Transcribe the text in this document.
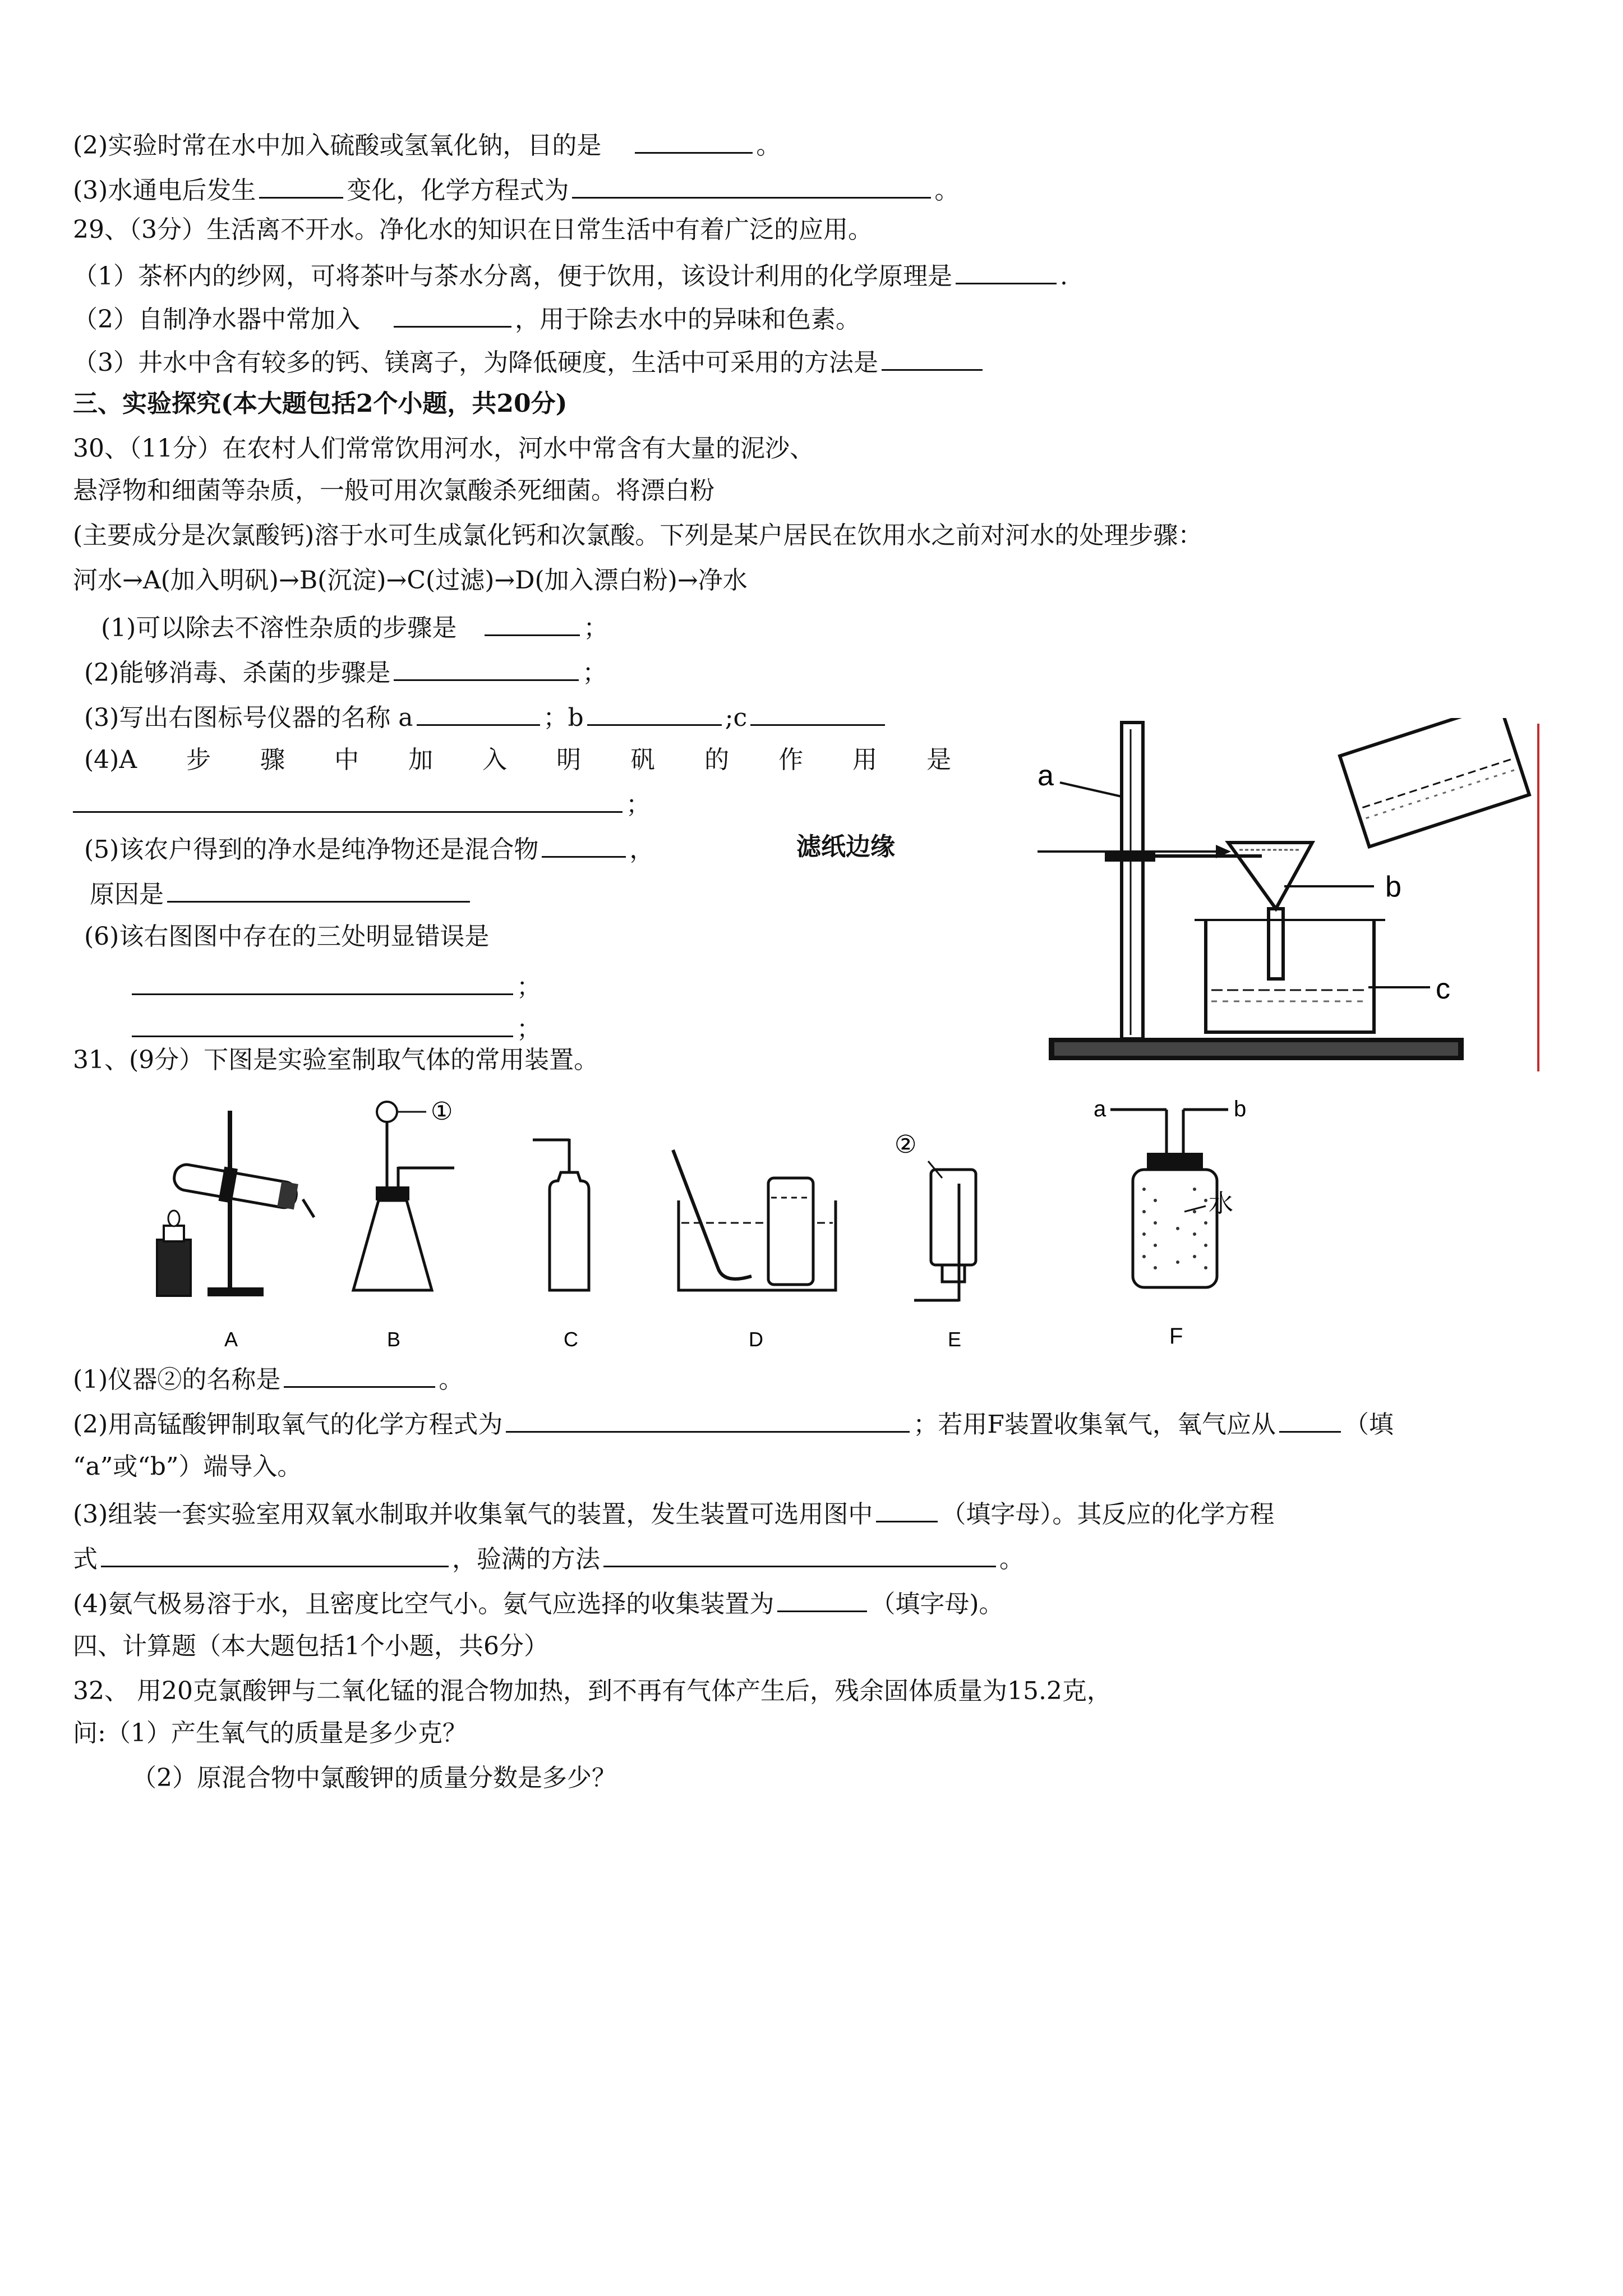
(2)实验时常在水中加入硫酸或氢氧化钠，目的是	。
(3)水通电后发生	变化，化学方程式为	。
29、（3分）生活离不开水。净化水的知识在日常生活中有着广泛的应用。
（1）茶杯内的纱网，可将茶叶与茶水分离，便于饮用，该设计利用的化学原理是	.
（2）自制净水器中常加入	，用于除去水中的异味和色素。
（3）井水中含有较多的钙、镁离子，为降低硬度，生活中可采用的方法是
三、实验探究(本大题包括2个小题，共20分)
30、（11分）在农村人们常常饮用河水，河水中常含有大量的泥沙、
悬浮物和细菌等杂质，一般可用次氯酸杀死细菌。将漂白粉
(主要成分是次氯酸钙)溶于水可生成氯化钙和次氯酸。下列是某户居民在饮用水之前对河水的处理步骤：
河水→A(加入明矾)→B(沉淀)→C(过滤)→D(加入漂白粉)→净水
(1)可以除去不溶性杂质的步骤是	；
(2)能够消毒、杀菌的步骤是	；
(3)写出右图标号仪器的名称 a	；b	;c
(4)A　　步　　骤　　中　　加　　入　　明　　矾　　的　　作　　用　　是
；
(5)该农户得到的净水是纯净物还是混合物	，	滤纸边缘
原因是
(6)该右图图中存在的三处明显错误是
；
；
b
c
a
31、(9分）下图是实验室制取气体的常用装置。
①
②
a	b
水
A	B	C	D	E	F
(1)仪器②的名称是	。
(2)用高锰酸钾制取氧气的化学方程式为	；若用F装置收集氧气，氧气应从	（填
“a”或“b”）端导入。
(3)组装一套实验室用双氧水制取并收集氧气的装置，发生装置可选用图中	（填字母）。其反应的化学方程
式	，验满的方法	。
(4)氨气极易溶于水，且密度比空气小。氨气应选择的收集装置为	（填字母)。
四、计算题（本大题包括1个小题，共6分）
32、 用20克氯酸钾与二氧化锰的混合物加热，到不再有气体产生后，残余固体质量为15.2克，
问:（1）产生氧气的质量是多少克？
（2）原混合物中氯酸钾的质量分数是多少？
